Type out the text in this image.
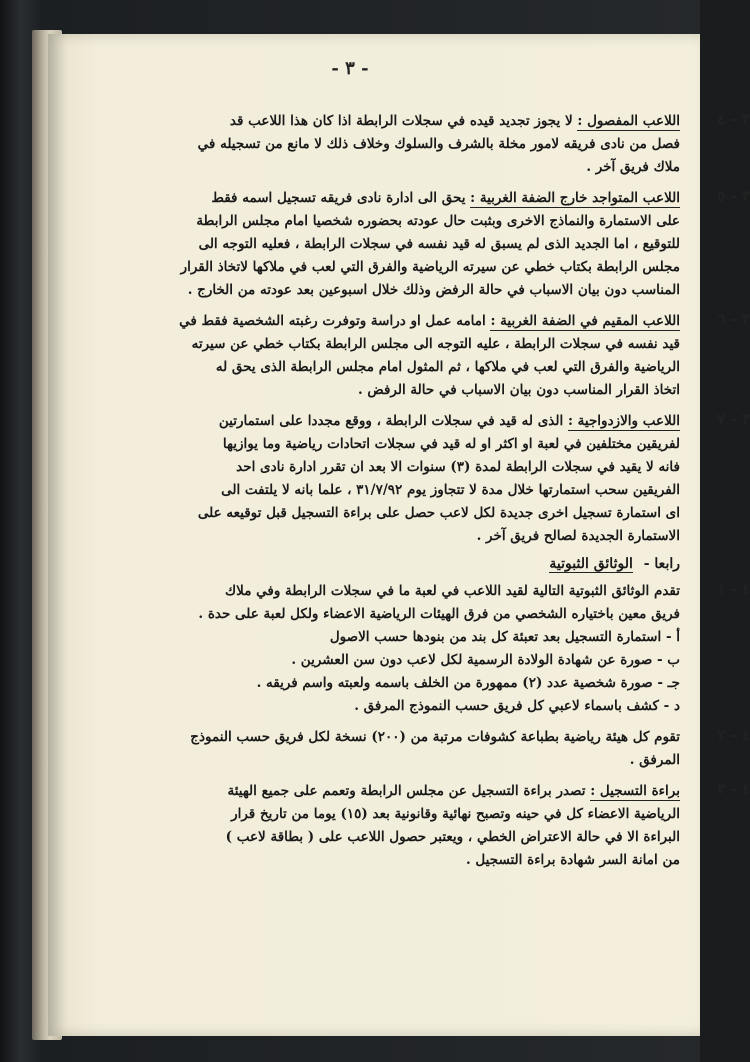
- ٣ -
٣ - ٤
اللاعب المفصول : لا يجوز تجديد قيده في سجلات الرابطة اذا كان هذا اللاعب قد
فصل من نادى فريقه لامور مخلة بالشرف والسلوك وخلاف ذلك لا مانع من تسجيله في
ملاك فريق آخر .
٣ - ٥
اللاعب المتواجد خارج الضفة الغربية : يحق الى ادارة نادى فريقه تسجيل اسمه فقط
على الاستمارة والنماذج الاخرى وبثبت حال عودته بحضوره شخصيا امام مجلس الرابطة
للتوقيع ، اما الجديد الذى لم يسبق له قيد نفسه في سجلات الرابطة ، فعليه التوجه الى
مجلس الرابطة بكتاب خطي عن سيرته الرياضية والفرق التي لعب في ملاكها لاتخاذ القرار
المناسب دون بيان الاسباب في حالة الرفض وذلك خلال اسبوعين بعد عودته من الخارج .
٣ - ٦
اللاعب المقيم في الضفة الغربية : امامه عمل او دراسة وتوفرت رغبته الشخصية فقط في
قيد نفسه في سجلات الرابطة ، عليه التوجه الى مجلس الرابطة بكتاب خطي عن سيرته
الرياضية والفرق التي لعب في ملاكها ، ثم المثول امام مجلس الرابطة الذى يحق له
اتخاذ القرار المناسب دون بيان الاسباب في حالة الرفض .
٣ - ٧
اللاعب والازدواجية : الذى له قيد في سجلات الرابطة ، ووقع مجددا على استمارتين
لفريقين مختلفين في لعبة او اكثر او له قيد في سجلات اتحادات رياضية وما يوازيها
فانه لا يقيد في سجلات الرابطة لمدة (٣) سنوات الا بعد ان تقرر ادارة نادى احد
الفريقين سحب استمارتها خلال مدة لا تتجاوز يوم ٣١/٧/٩٢ ، علما بانه لا يلتفت الى
اى استمارة تسجيل اخرى جديدة لكل لاعب حصل على براءة التسجيل قبل توقيعه على
الاستمارة الجديدة لصالح فريق آخر .
رابعا - الوثائق الثبوتية
٤ - ١
تقدم الوثائق الثبوتية التالية لقيد اللاعب في لعبة ما في سجلات الرابطة وفي ملاك
فريق معين باختياره الشخصي من فرق الهيئات الرياضية الاعضاء ولكل لعبة على حدة .
أ - استمارة التسجيل بعد تعبئة كل بند من بنودها حسب الاصول
ب - صورة عن شهادة الولادة الرسمية لكل لاعب دون سن العشرين .
جـ - صورة شخصية عدد (٢) ممهورة من الخلف باسمه ولعبته واسم فريقه .
د - كشف باسماء لاعبي كل فريق حسب النموذج المرفق .
٤ - ٢
تقوم كل هيئة رياضية بطباعة كشوفات مرتبة من (٢٠٠) نسخة لكل فريق حسب النموذج
المرفق .
٤ - ٣
براءة التسجيل : تصدر براءة التسجيل عن مجلس الرابطة وتعمم على جميع الهيئة
الرياضية الاعضاء كل في حينه وتصبح نهائية وقانونية بعد (١٥) يوما من تاريخ قرار
البراءة الا في حالة الاعتراض الخطي ، ويعتبر حصول اللاعب على ( بطاقة لاعب )
من امانة السر شهادة براءة التسجيل .
